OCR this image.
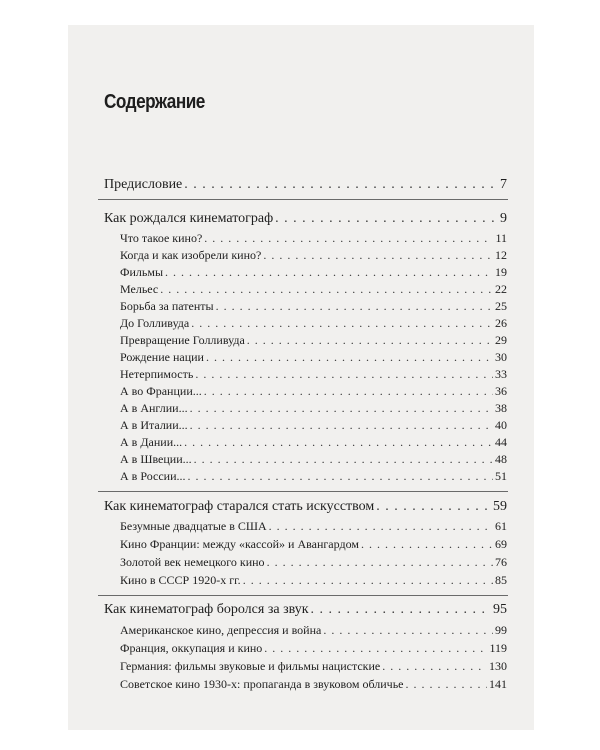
Содержание
Предисловие . . .	7
Как рождался кинематограф . . .	9
Что такое кино? . . .	11
Когда и как изобрели кино? . . .	12
Фильмы . . .	19
Мельес . . .	22
Борьба за патенты . . .	25
До Голливуда . . .	26
Превращение Голливуда . . .	29
Рождение нации . . .	30
Нетерпимость . . .	33
А во Франции... . . .	36
А в Англии... . . .	38
А в Италии... . . .	40
А в Дании... . . .	44
А в Швеции... . . .	48
А в России... . . .	51
Как кинематограф старался стать искусством . . .	59
Безумные двадцатые в США . . .	61
Кино Франции: между «кассой» и Авангардом . . .	69
Золотой век немецкого кино . . .	76
Кино в СССР 1920-х гг. . . .	85
Как кинематограф боролся за звук . . .	95
Американское кино, депрессия и война . . .	99
Франция, оккупация и кино . . .	119
Германия: фильмы звуковые и фильмы нацистские . . .	130
Советское кино 1930-х: пропаганда в звуковом обличье . . .	141
